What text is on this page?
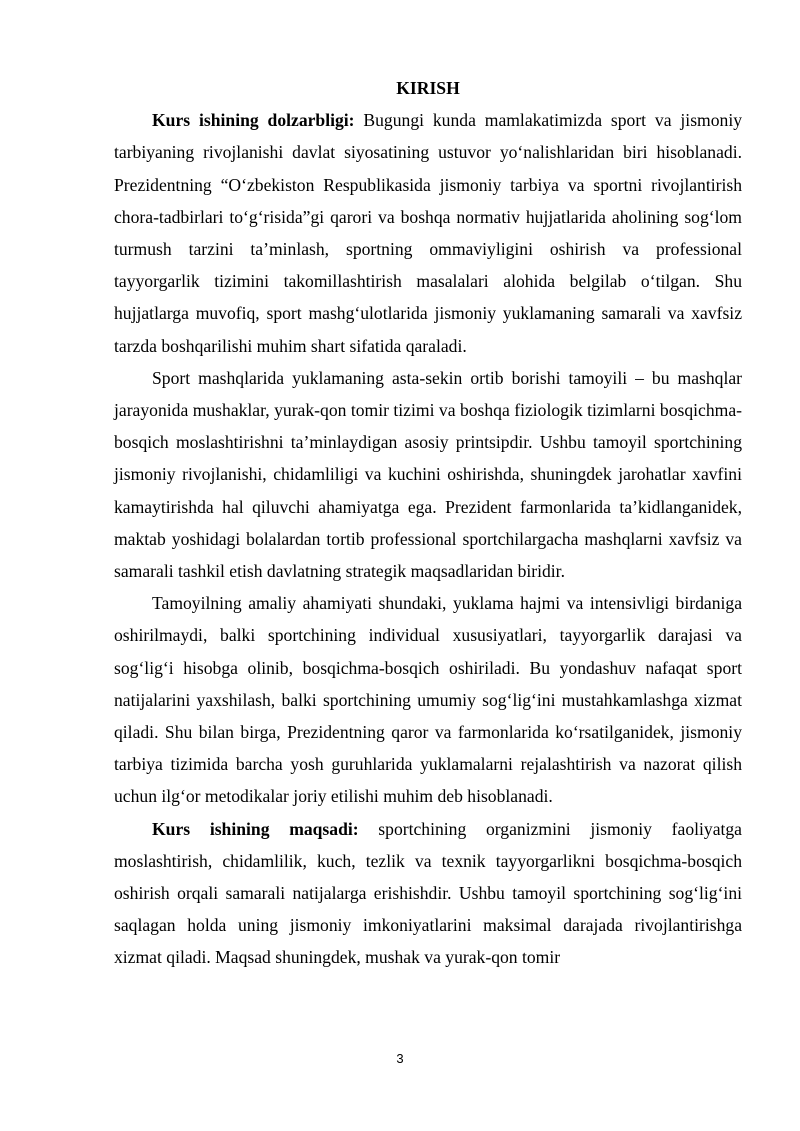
KIRISH

Kurs ishining dolzarbligi: Bugungi kunda mamlakatimizda sport va jismoniy tarbiyaning rivojlanishi davlat siyosatining ustuvor yo‘nalishlaridan biri hisoblanadi. Prezidentning “O‘zbekiston Respublikasida jismoniy tarbiya va sportni rivojlantirish chora-tadbirlari to‘g‘risida”gi qarori va boshqa normativ hujjatlarida aholining sog‘lom turmush tarzini ta’minlash, sportning ommaviyligini oshirish va professional tayyorgarlik tizimini takomillashtirish masalalari alohida belgilab o‘tilgan. Shu hujjatlarga muvofiq, sport mashg‘ulotlarida jismoniy yuklamaning samarali va xavfsiz tarzda boshqarilishi muhim shart sifatida qaraladi.

Sport mashqlarida yuklamaning asta-sekin ortib borishi tamoyili – bu mashqlar jarayonida mushaklar, yurak-qon tomir tizimi va boshqa fiziologik tizimlarni bosqichma-bosqich moslashtirishni ta’minlaydigan asosiy printsipdir. Ushbu tamoyil sportchining jismoniy rivojlanishi, chidamliligi va kuchini oshirishda, shuningdek jarohatlar xavfini kamaytirishda hal qiluvchi ahamiyatga ega. Prezident farmonlarida ta’kidlanganidek, maktab yoshidagi bolalardan tortib professional sportchilargacha mashqlarni xavfsiz va samarali tashkil etish davlatning strategik maqsadlaridan biridir.

Tamoyilning amaliy ahamiyati shundaki, yuklama hajmi va intensivligi birdaniga oshirilmaydi, balki sportchining individual xususiyatlari, tayyorgarlik darajasi va sog‘lig‘i hisobga olinib, bosqichma-bosqich oshiriladi. Bu yondashuv nafaqat sport natijalarini yaxshilash, balki sportchining umumiy sog‘lig‘ini mustahkamlashga xizmat qiladi. Shu bilan birga, Prezidentning qaror va farmonlarida ko‘rsatilganidek, jismoniy tarbiya tizimida barcha yosh guruhlarida yuklamalarni rejalashtirish va nazorat qilish uchun ilg‘or metodikalar joriy etilishi muhim deb hisoblanadi.

Kurs ishining maqsadi: sportchining organizmini jismoniy faoliyatga moslashtirish, chidamlilik, kuch, tezlik va texnik tayyorgarlikni bosqichma-bosqich oshirish orqali samarali natijalarga erishishdir. Ushbu tamoyil sportchining sog‘lig‘ini saqlagan holda uning jismoniy imkoniyatlarini maksimal darajada rivojlantirishga xizmat qiladi. Maqsad shuningdek, mushak va yurak-qon tomir

3
